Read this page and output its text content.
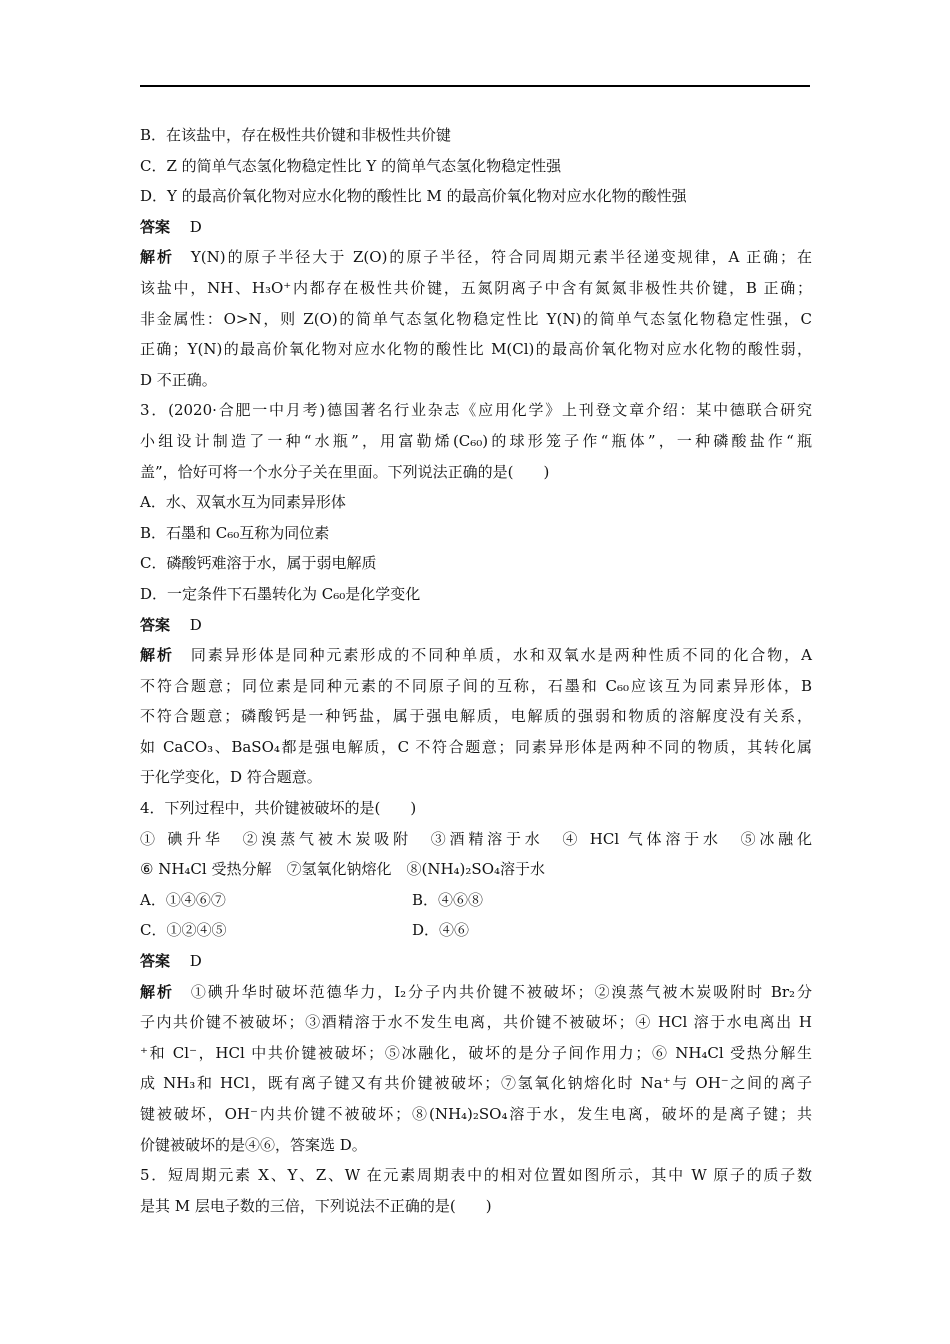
B．在该盐中，存在极性共价键和非极性共价键
C．Z 的简单气态氢化物稳定性比 Y 的简单气态氢化物稳定性强
D．Y 的最高价氧化物对应水化物的酸性比 M 的最高价氧化物对应水化物的酸性强
答案　 D
解析　 Y(N)的原子半径大于 Z(O)的原子半径，符合同周期元素半径递变规律，A 正确；在
该盐中，NH、H₃O⁺内都存在极性共价键，五氮阴离子中含有氮氮非极性共价键，B 正确；
非金属性：O>N，则 Z(O)的简单气态氢化物稳定性比 Y(N)的简单气态氢化物稳定性强，C
正确；Y(N)的最高价氧化物对应水化物的酸性比 M(Cl)的最高价氧化物对应水化物的酸性弱，
D 不正确。
3．(2020·合肥一中月考)德国著名行业杂志《应用化学》上刊登文章介绍：某中德联合研究
小组设计制造了一种“水瓶”，用富勒烯(C₆₀)的球形笼子作“瓶体”，一种磷酸盐作“瓶
盖”，恰好可将一个水分子关在里面。下列说法正确的是(　　)
A．水、双氧水互为同素异形体
B．石墨和 C₆₀互称为同位素
C．磷酸钙难溶于水，属于弱电解质
D．一定条件下石墨转化为 C₆₀是化学变化
答案　 D
解析　 同素异形体是同种元素形成的不同种单质，水和双氧水是两种性质不同的化合物，A
不符合题意；同位素是同种元素的不同原子间的互称，石墨和 C₆₀应该互为同素异形体，B
不符合题意；磷酸钙是一种钙盐，属于强电解质，电解质的强弱和物质的溶解度没有关系，
如 CaCO₃、BaSO₄都是强电解质，C 不符合题意；同素异形体是两种不同的物质，其转化属
于化学变化，D 符合题意。
4．下列过程中，共价键被破坏的是(　　)
① 碘升华　②溴蒸气被木炭吸附　③酒精溶于水　④ HCl 气体溶于水　⑤冰融化
⑥ NH₄Cl 受热分解　⑦氢氧化钠熔化　⑧(NH₄)₂SO₄溶于水
A．①④⑥⑦	B．④⑥⑧
C．①②④⑤	D．④⑥
答案　 D
解析　 ①碘升华时破坏范德华力，I₂分子内共价键不被破坏；②溴蒸气被木炭吸附时 Br₂分
子内共价键不被破坏；③酒精溶于水不发生电离，共价键不被破坏；④ HCl 溶于水电离出 H
⁺和 Cl⁻，HCl 中共价键被破坏；⑤冰融化，破坏的是分子间作用力；⑥ NH₄Cl 受热分解生
成 NH₃和 HCl，既有离子键又有共价键被破坏；⑦氢氧化钠熔化时 Na⁺与 OH⁻之间的离子
键被破坏，OH⁻内共价键不被破坏；⑧(NH₄)₂SO₄溶于水，发生电离，破坏的是离子键；共
价键被破坏的是④⑥，答案选 D。
5．短周期元素 X、Y、Z、W 在元素周期表中的相对位置如图所示，其中 W 原子的质子数
是其 M 层电子数的三倍，下列说法不正确的是(　　)
